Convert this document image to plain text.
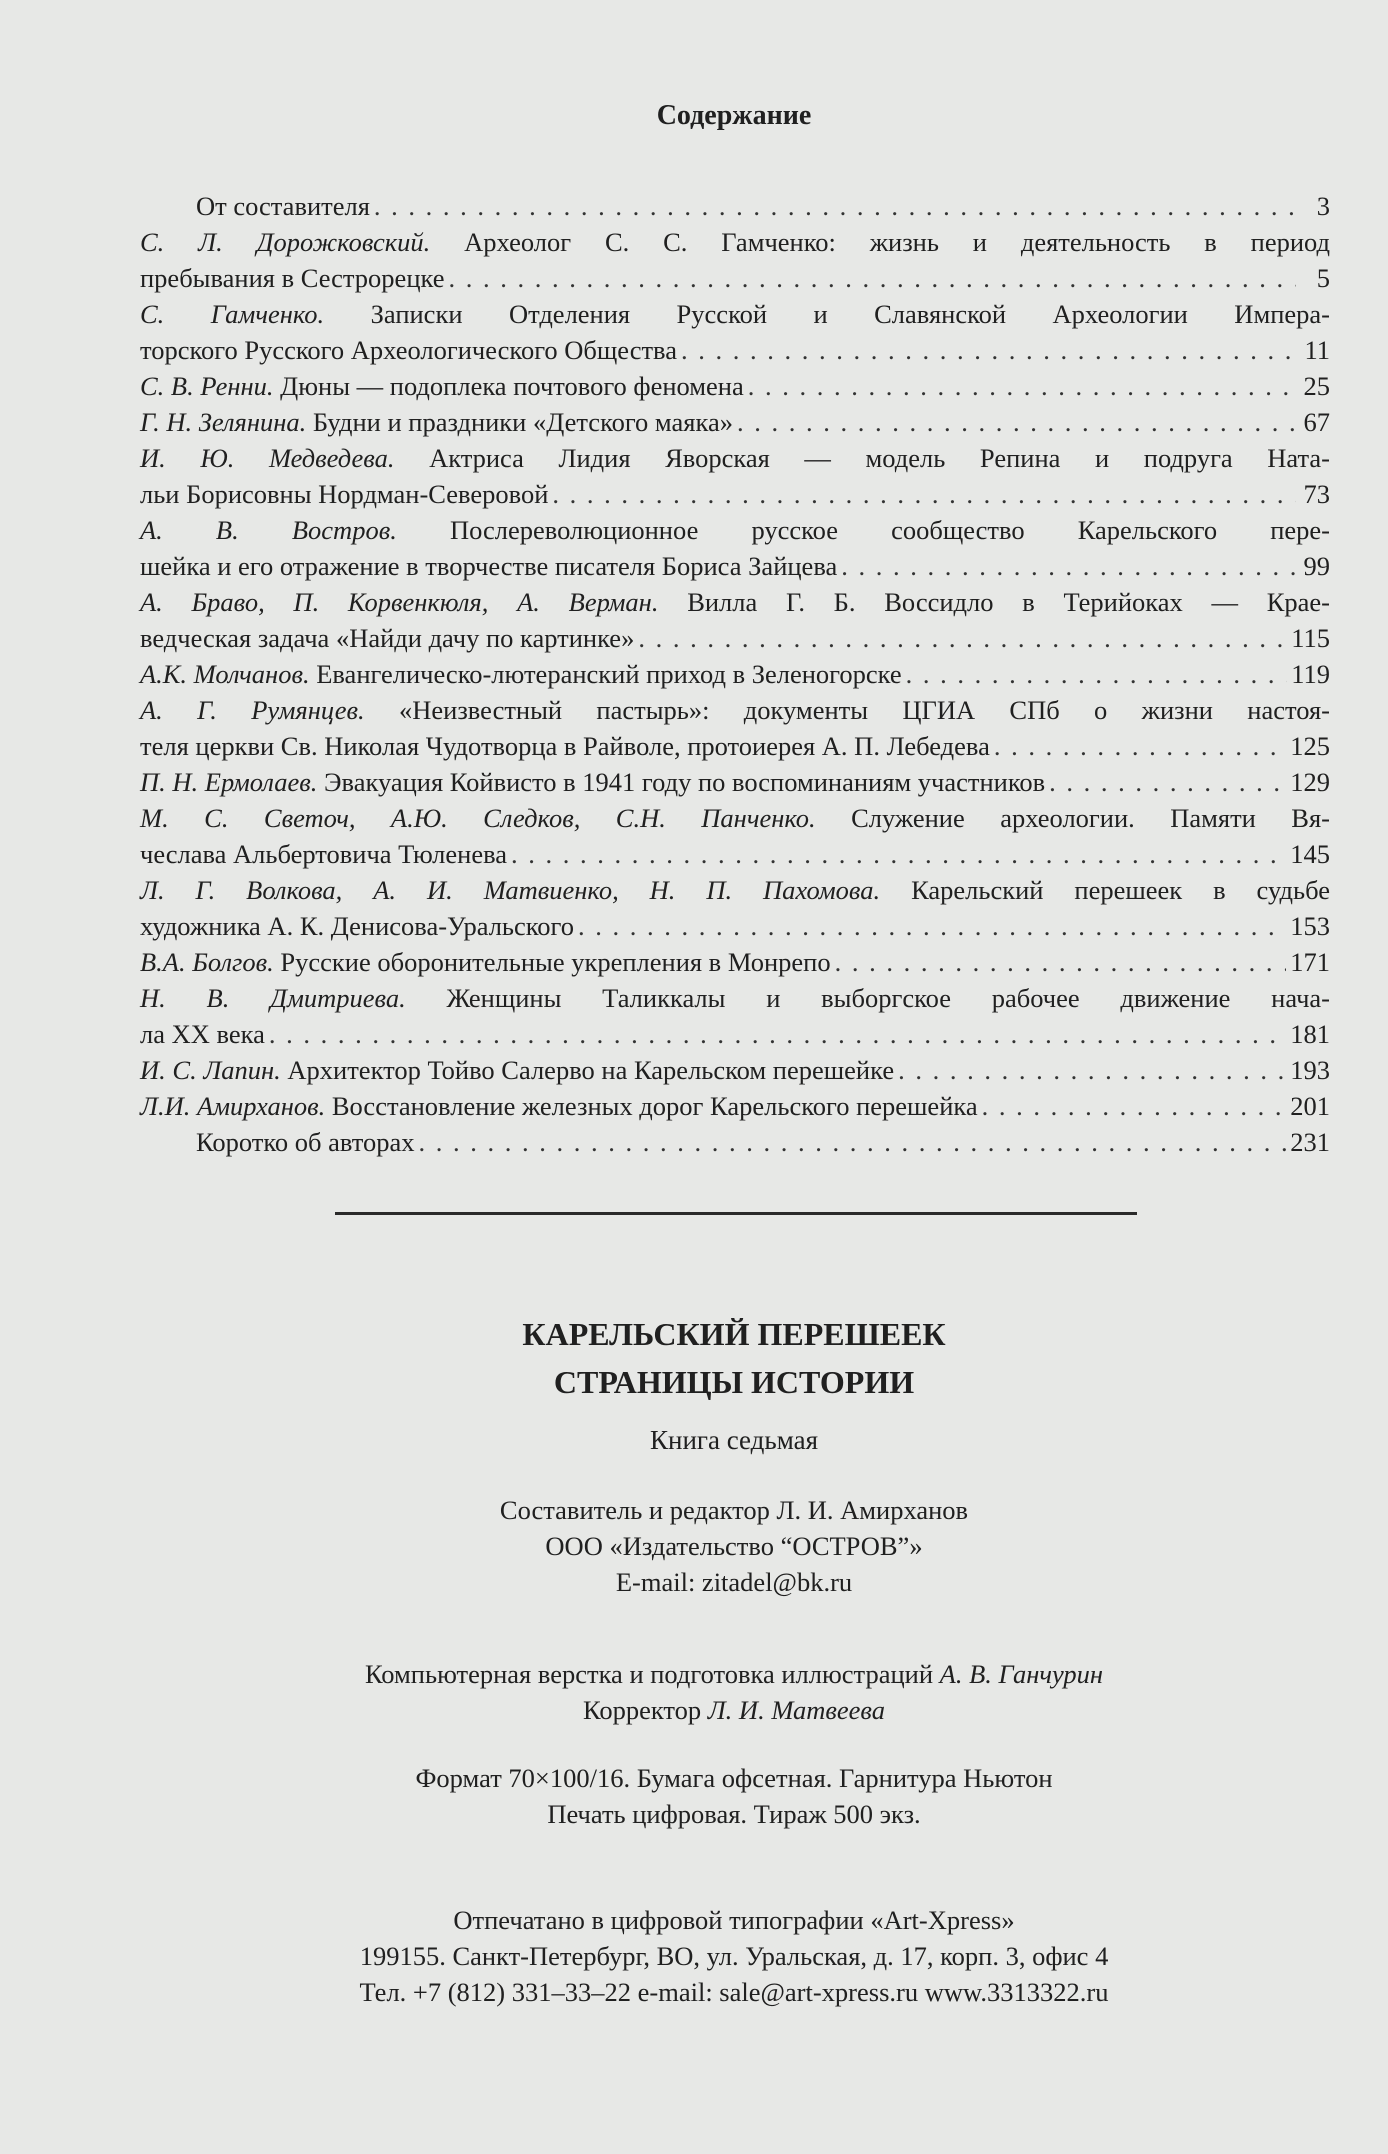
Содержание
От составителя . . .	3
С. Л. Дорожковский. Археолог С. С. Гамченко: жизнь и деятельность в период
пребывания в Сестрорецке . . .	5
С. Гамченко. Записки Отделения Русской и Славянской Археологии Импера-
торского Русского Археологического Общества . . .	11
С. В. Ренни. Дюны — подоплека почтового феномена . . .	25
Г. Н. Зелянина. Будни и праздники «Детского маяка» . . .	67
И. Ю. Медведева. Актриса Лидия Яворская — модель Репина и подруга Ната-
льи Борисовны Нордман-Северовой . . .	73
А. В. Востров. Послереволюционное русское сообщество Карельского пере-
шейка и его отражение в творчестве писателя Бориса Зайцева . . .	99
А. Браво, П. Корвенкюля, А. Верман. Вилла Г. Б. Воссидло в Терийоках — Крае-
ведческая задача «Найди дачу по картинке» . . .	115
А.К. Молчанов. Евангелическо-лютеранский приход в Зеленогорске . . .	119
А. Г. Румянцев. «Неизвестный пастырь»: документы ЦГИА СПб о жизни настоя-
теля церкви Св. Николая Чудотворца в Райволе, протоиерея А. П. Лебедева . . .	125
П. Н. Ермолаев. Эвакуация Койвисто в 1941 году по воспоминаниям участников . . .	129
М. С. Светоч, А.Ю. Следков, С.Н. Панченко. Служение археологии. Памяти Вя-
чеслава Альбертовича Тюленева . . .	145
Л. Г. Волкова, А. И. Матвиенко, Н. П. Пахомова. Карельский перешеек в судьбе
художника А. К. Денисова-Уральского . . .	153
В.А. Болгов. Русские оборонительные укрепления в Монрепо . . .	171
Н. В. Дмитриева. Женщины Таликкалы и выборгское рабочее движение нача-
ла XX века . . .	181
И. С. Лапин. Архитектор Тойво Салерво на Карельском перешейке . . .	193
Л.И. Амирханов. Восстановление железных дорог Карельского перешейка . . .	201
Коротко об авторах . . .	231
КАРЕЛЬСКИЙ ПЕРЕШЕЕК
СТРАНИЦЫ ИСТОРИИ
Книга седьмая
Составитель и редактор Л. И. Амирханов
ООО «Издательство “ОСТРОВ”»
E-mail: zitadel@bk.ru
Компьютерная верстка и подготовка иллюстраций А. В. Ганчурин
Корректор Л. И. Матвеева
Формат 70×100/16. Бумага офсетная. Гарнитура Ньютон
Печать цифровая. Тираж 500 экз.
Отпечатано в цифровой типографии «Art-Xpress»
199155. Санкт-Петербург, ВО, ул. Уральская, д. 17, корп. 3, офис 4
Тел. +7 (812) 331–33–22 e-mail: sale@art-xpress.ru www.3313322.ru
